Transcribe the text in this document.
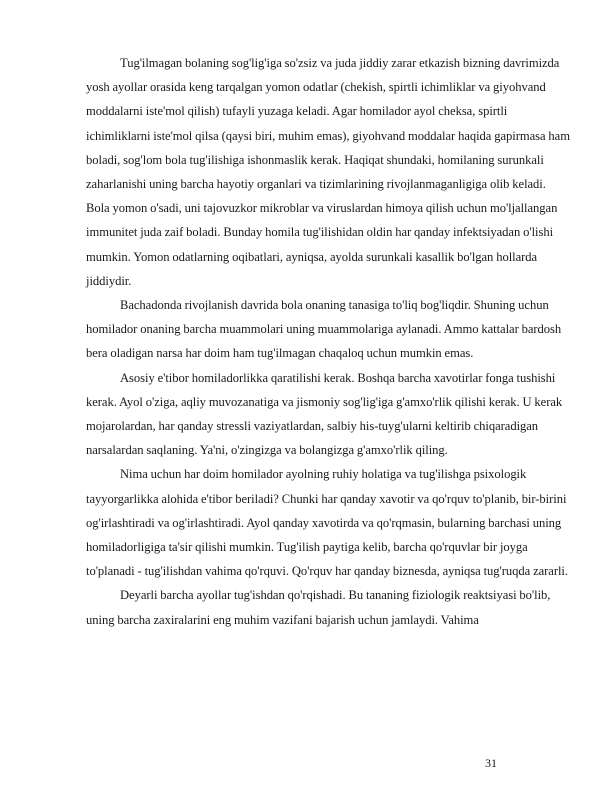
Tug'ilmagan bolaning sog'lig'iga so'zsiz va juda jiddiy zarar etkazish bizning davrimizda yosh ayollar orasida keng tarqalgan yomon odatlar (chekish, spirtli ichimliklar va giyohvand moddalarni iste'mol qilish) tufayli yuzaga keladi. Agar homilador ayol cheksa, spirtli ichimliklarni iste'mol qilsa (qaysi biri, muhim emas), giyohvand moddalar haqida gapirmasa ham boladi, sog'lom bola tug'ilishiga ishonmaslik kerak. Haqiqat shundaki, homilaning surunkali zaharlanishi uning barcha hayotiy organlari va tizimlarining rivojlanmaganligiga olib keladi. Bola yomon o'sadi, uni tajovuzkor mikroblar va viruslardan himoya qilish uchun mo'ljallangan immunitet juda zaif boladi. Bunday homila tug'ilishidan oldin har qanday infektsiyadan o'lishi mumkin. Yomon odatlarning oqibatlari, ayniqsa, ayolda surunkali kasallik bo'lgan hollarda jiddiydir.

Bachadonda rivojlanish davrida bola onaning tanasiga to'liq bog'liqdir. Shuning uchun homilador onaning barcha muammolari uning muammolariga aylanadi. Ammo kattalar bardosh bera oladigan narsa har doim ham tug'ilmagan chaqaloq uchun mumkin emas.

Asosiy e'tibor homiladorlikka qaratilishi kerak. Boshqa barcha xavotirlar fonga tushishi kerak. Ayol o'ziga, aqliy muvozanatiga va jismoniy sog'lig'iga g'amxo'rlik qilishi kerak. U kerak mojarolardan, har qanday stressli vaziyatlardan, salbiy his-tuyg'ularni keltirib chiqaradigan narsalardan saqlaning. Ya'ni, o'zingizga va bolangizga g'amxo'rlik qiling.

Nima uchun har doim homilador ayolning ruhiy holatiga va tug'ilishga psixologik tayyorgarlikka alohida e'tibor beriladi? Chunki har qanday xavotir va qo'rquv to'planib, bir-birini og'irlashtiradi va og'irlashtiradi. Ayol qanday xavotirda va qo'rqmasin, bularning barchasi uning homiladorligiga ta'sir qilishi mumkin. Tug'ilish paytiga kelib, barcha qo'rquvlar bir joyga to'planadi - tug'ilishdan vahima qo'rquvi. Qo'rquv har qanday biznesda, ayniqsa tug'ruqda zararli.

Deyarli barcha ayollar tug'ishdan qo'rqishadi. Bu tananing fiziologik reaktsiyasi bo'lib, uning barcha zaxiralarini eng muhim vazifani bajarish uchun jamlaydi. Vahima

31
